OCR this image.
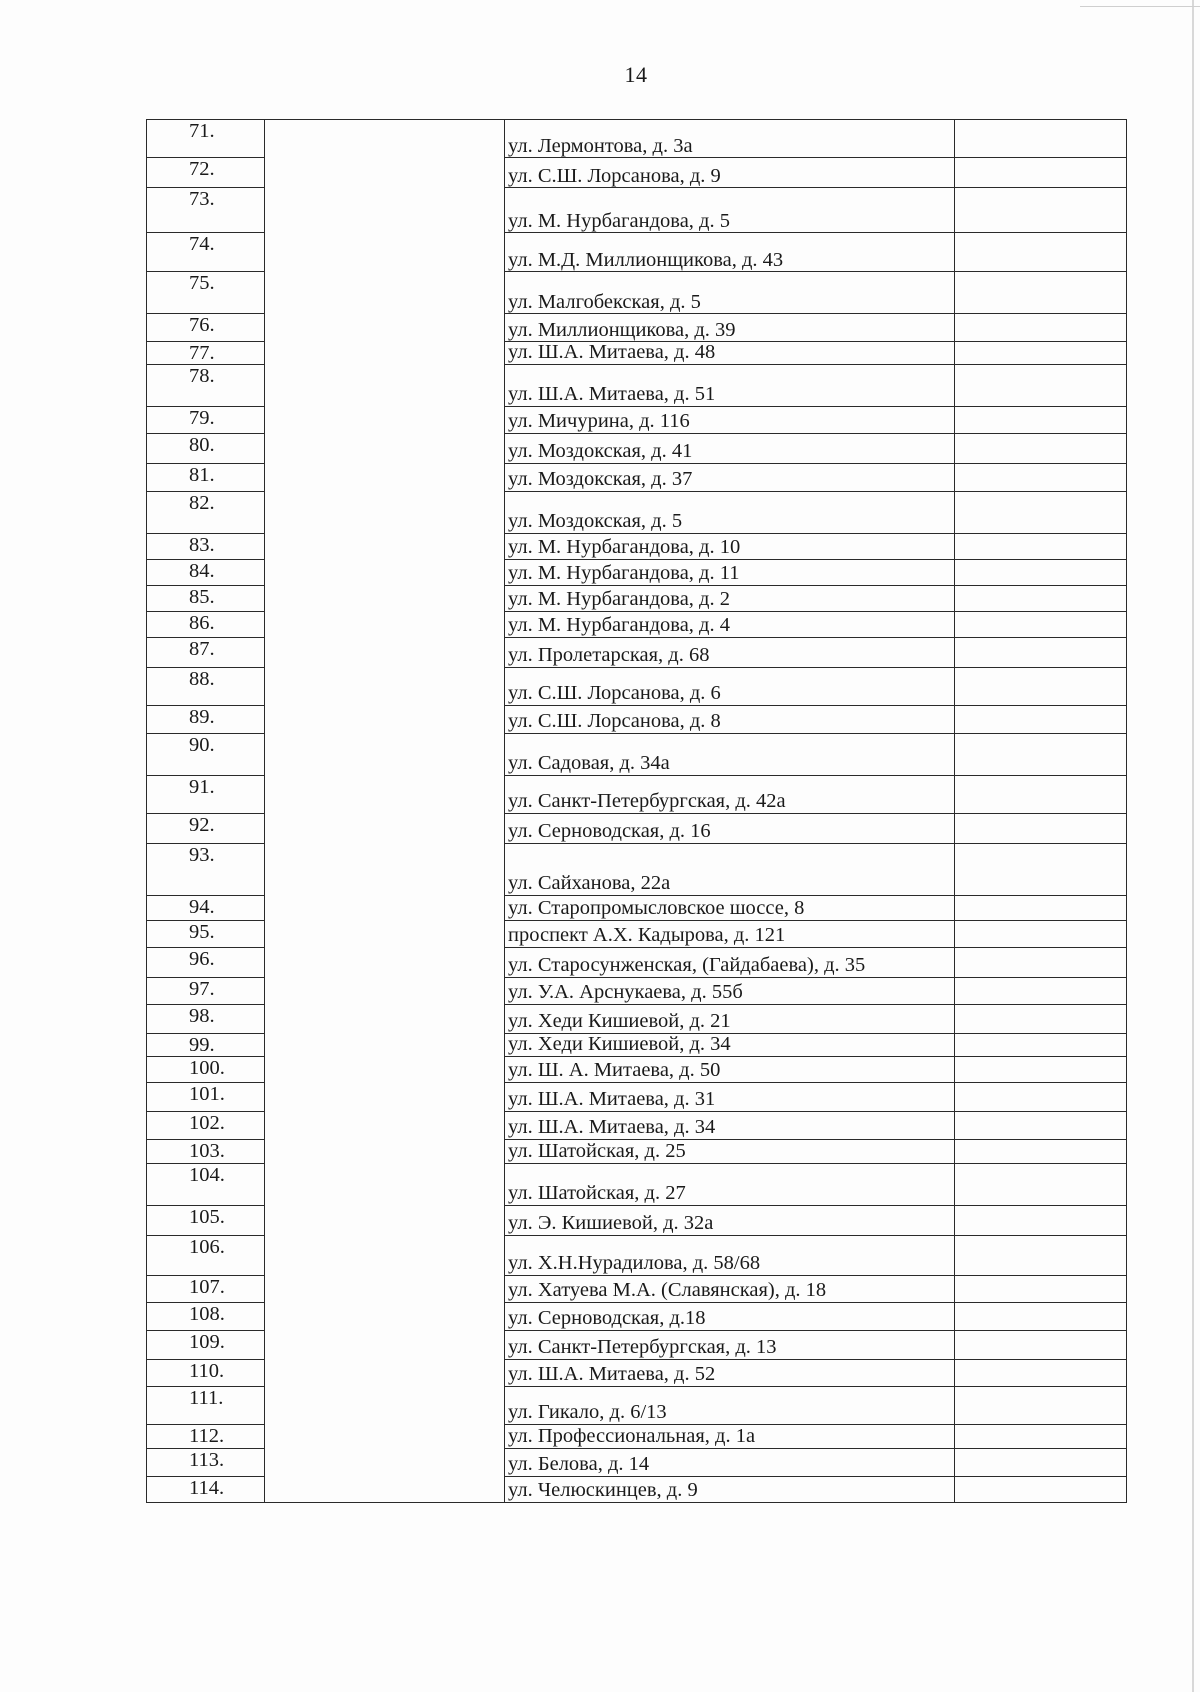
14
71.		ул. Лермонтова, д. 3а	
72.		ул. С.Ш. Лорсанова, д. 9	
73.		ул. М. Нурбагандова, д. 5	
74.		ул. М.Д. Миллионщикова, д. 43	
75.		ул. Малгобекская, д. 5	
76.		ул. Миллионщикова, д. 39	
77.		ул. Ш.А. Митаева, д. 48	
78.		ул. Ш.А. Митаева, д. 51	
79.		ул. Мичурина, д. 116	
80.		ул. Моздокская, д. 41	
81.		ул. Моздокская, д. 37	
82.		ул. Моздокская, д. 5	
83.		ул. М. Нурбагандова, д. 10	
84.		ул. М. Нурбагандова, д. 11	
85.		ул. М. Нурбагандова, д. 2	
86.		ул. М. Нурбагандова, д. 4	
87.		ул. Пролетарская, д. 68	
88.		ул. С.Ш. Лорсанова, д. 6	
89.		ул. С.Ш. Лорсанова, д. 8	
90.		ул. Садовая, д. 34а	
91.		ул. Санкт-Петербургская, д. 42а	
92.		ул. Серноводская, д. 16	
93.		ул. Сайханова, 22а	
94.		ул. Старопромысловское шоссе, 8	
95.		проспект А.Х. Кадырова, д. 121	
96.		ул. Старосунженская, (Гайдабаева), д. 35	
97.		ул. У.А. Арснукаева, д. 55б	
98.		ул. Хеди Кишиевой, д. 21	
99.		ул. Хеди Кишиевой, д. 34	
100.		ул. Ш. А. Митаева, д. 50	
101.		ул. Ш.А. Митаева, д. 31	
102.		ул. Ш.А. Митаева, д. 34	
103.		ул. Шатойская, д. 25	
104.		ул. Шатойская, д. 27	
105.		ул. Э. Кишиевой, д. 32а	
106.		ул. Х.Н.Нурадилова, д. 58/68	
107.		ул. Хатуева М.А. (Славянская), д. 18	
108.		ул. Серноводская, д.18	
109.		ул. Санкт-Петербургская, д. 13	
110.		ул. Ш.А. Митаева, д. 52	
111.		ул. Гикало, д. 6/13	
112.		ул. Профессиональная, д. 1а	
113.		ул. Белова, д. 14	
114.		ул. Челюскинцев, д. 9	
